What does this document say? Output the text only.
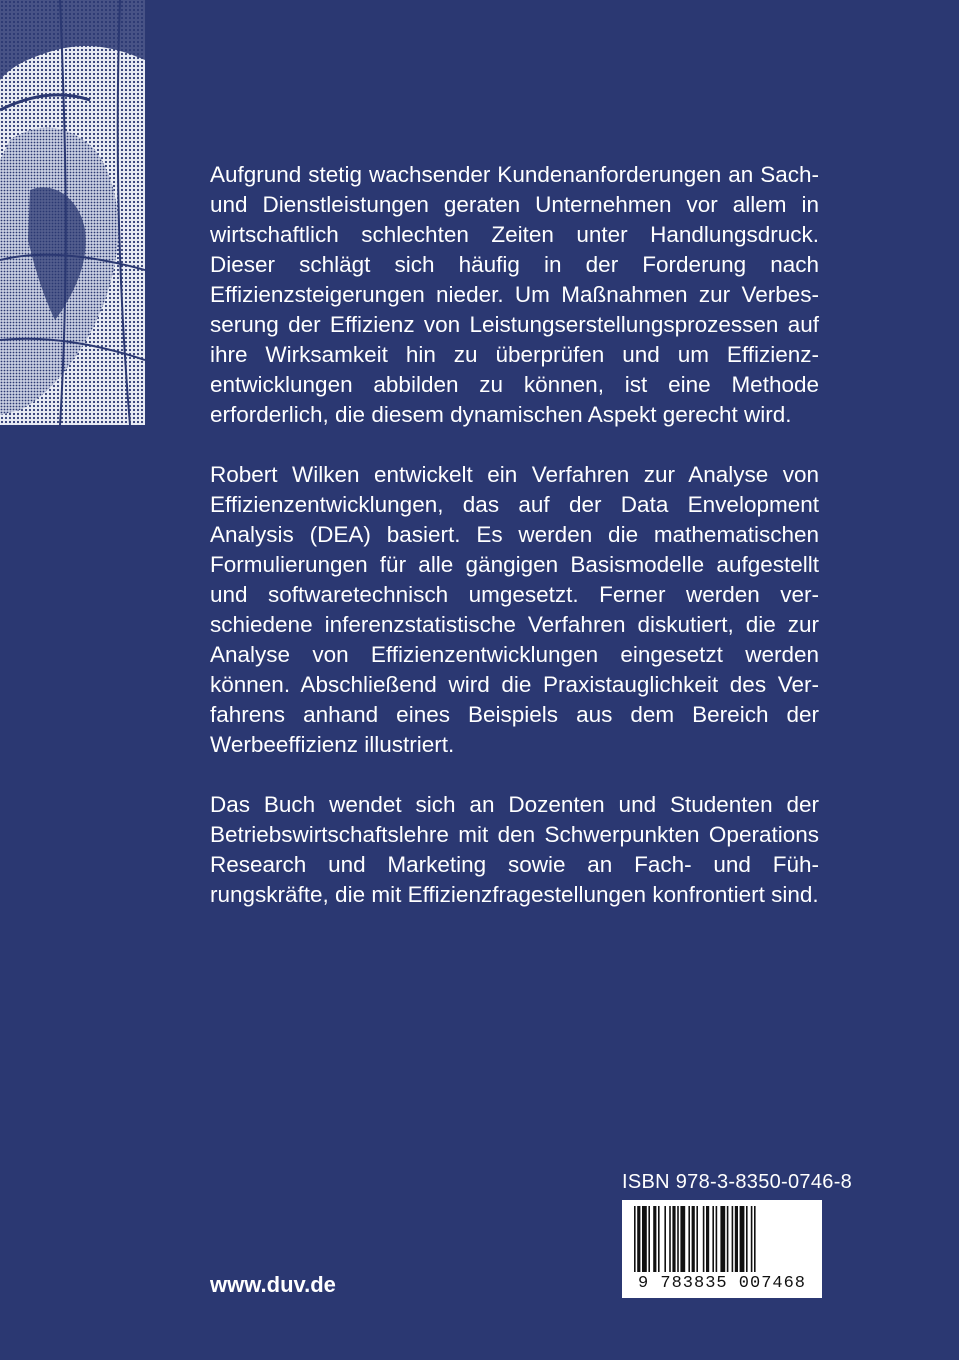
Aufgrund stetig wachsender Kundenanforderungen an Sach- und Dienstleistungen geraten Unternehmen vor allem in wirtschaftlich schlechten Zeiten unter Handlungsdruck. Dieser schlägt sich häufig in der Forderung nach Effizienzsteigerungen nieder. Um Maßnahmen zur Verbesserung der Effizienz von Leistungserstellungsprozessen auf ihre Wirksamkeit hin zu überprüfen und um Effizienzentwicklungen abbilden zu können, ist eine Methode erforderlich, die diesem dynamischen Aspekt gerecht wird.

Robert Wilken entwickelt ein Verfahren zur Analyse von Effizienzentwicklungen, das auf der Data Envelopment Analysis (DEA) basiert. Es werden die mathematischen Formulierungen für alle gängigen Basismodelle aufgestellt und softwaretechnisch umgesetzt. Ferner werden verschiedene inferenzstatistische Verfahren diskutiert, die zur Analyse von Effizienzentwicklungen eingesetzt werden können. Abschließend wird die Praxistauglichkeit des Verfahrens anhand eines Beispiels aus dem Bereich der Werbeeffizienz illustriert.

Das Buch wendet sich an Dozenten und Studenten der Betriebswirtschaftslehre mit den Schwerpunkten Operations Research und Marketing sowie an Fach- und Führungskräfte, die mit Effizienzfragestellungen konfrontiert sind.

ISBN 978-3-8350-0746-8
9 783835 007468
www.duv.de
